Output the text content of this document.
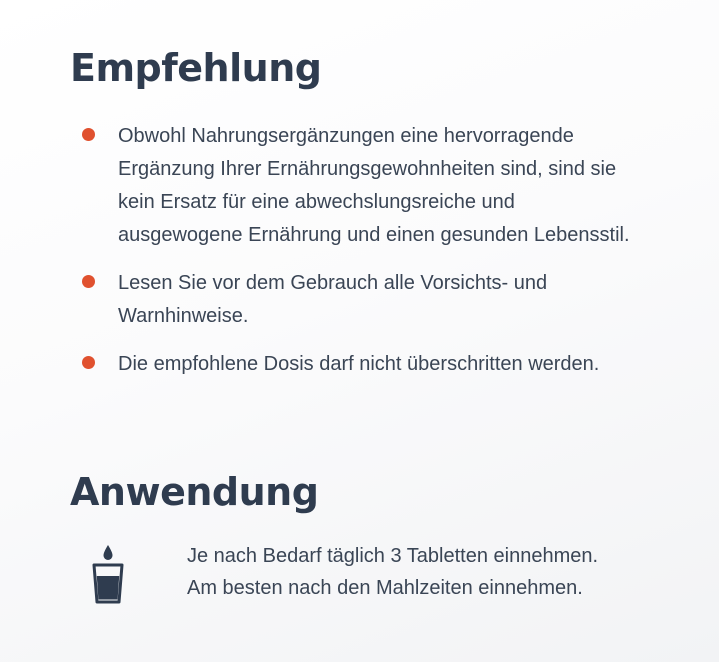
Empfehlung
Obwohl Nahrungsergänzungen eine hervorragende Ergänzung Ihrer Ernährungsgewohnheiten sind, sind sie kein Ersatz für eine abwechslungsreiche und ausgewogene Ernährung und einen gesunden Lebensstil.
Lesen Sie vor dem Gebrauch alle Vorsichts- und Warnhinweise.
Die empfohlene Dosis darf nicht überschritten werden.
Anwendung
Je nach Bedarf täglich 3 Tabletten einnehmen.
Am besten nach den Mahlzeiten einnehmen.
